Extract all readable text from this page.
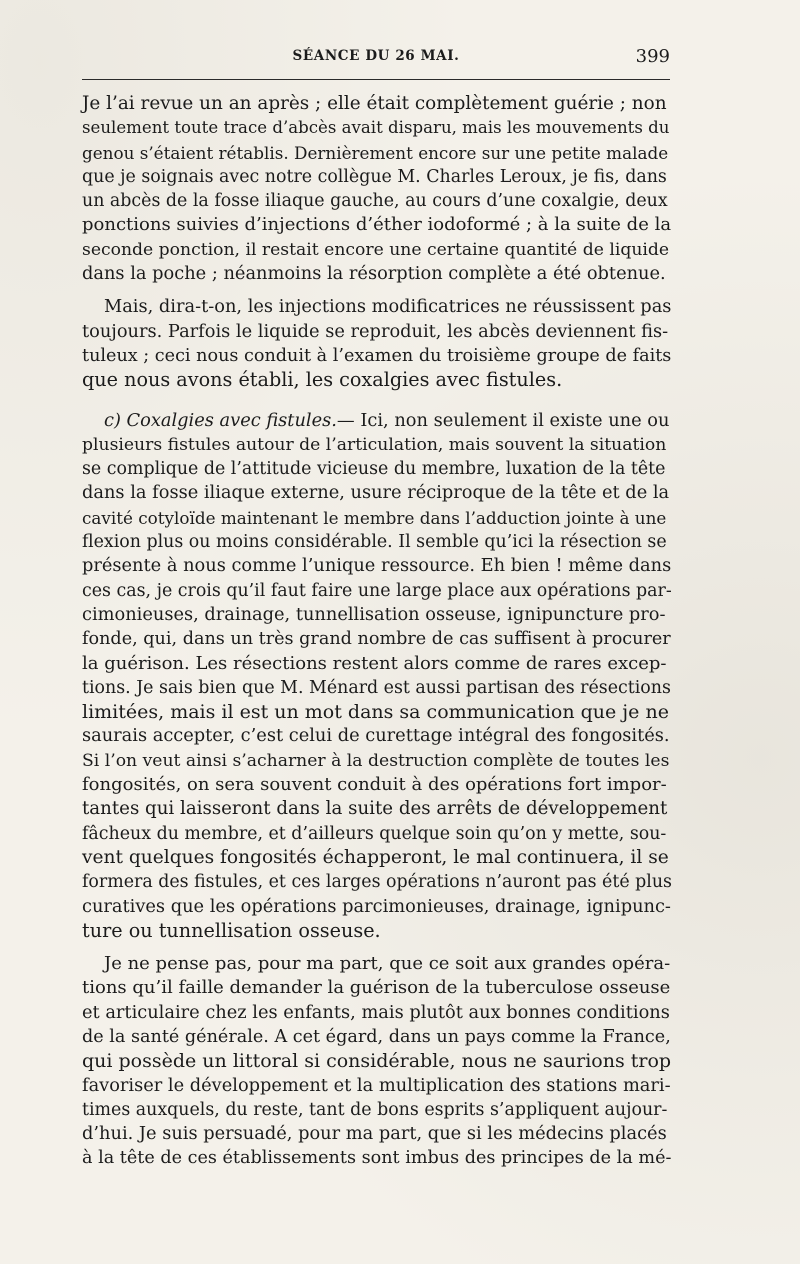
SÉANCE DU 26 MAI.	399
Je l’ai revue un an après ; elle était complètement guérie ; non
seulement toute trace d’abcès avait disparu, mais les mouvements du
genou s’étaient rétablis. Dernièrement encore sur une petite malade
que je soignais avec notre collègue M. Charles Leroux, je fis, dans
un abcès de la fosse iliaque gauche, au cours d’une coxalgie, deux
ponctions suivies d’injections d’éther iodoformé ; à la suite de la
seconde ponction, il restait encore une certaine quantité de liquide
dans la poche ; néanmoins la résorption complète a été obtenue.
Mais, dira-t-on, les injections modificatrices ne réussissent pas
toujours. Parfois le liquide se reproduit, les abcès deviennent fis-
tuleux ; ceci nous conduit à l’examen du troisième groupe de faits
que nous avons établi, les coxalgies avec fistules.
c) Coxalgies avec fistules.— Ici, non seulement il existe une ou
plusieurs fistules autour de l’articulation, mais souvent la situation
se complique de l’attitude vicieuse du membre, luxation de la tête
dans la fosse iliaque externe, usure réciproque de la tête et de la
cavité cotyloïde maintenant le membre dans l’adduction jointe à une
flexion plus ou moins considérable. Il semble qu’ici la résection se
présente à nous comme l’unique ressource. Eh bien ! même dans
ces cas, je crois qu’il faut faire une large place aux opérations par-
cimonieuses, drainage, tunnellisation osseuse, ignipuncture pro-
fonde, qui, dans un très grand nombre de cas suffisent à procurer
la guérison. Les résections restent alors comme de rares excep-
tions. Je sais bien que M. Ménard est aussi partisan des résections
limitées, mais il est un mot dans sa communication que je ne
saurais accepter, c’est celui de curettage intégral des fongosités.
Si l’on veut ainsi s’acharner à la destruction complète de toutes les
fongosités, on sera souvent conduit à des opérations fort impor-
tantes qui laisseront dans la suite des arrêts de développement
fâcheux du membre, et d’ailleurs quelque soin qu’on y mette, sou-
vent quelques fongosités échapperont, le mal continuera, il se
formera des fistules, et ces larges opérations n’auront pas été plus
curatives que les opérations parcimonieuses, drainage, ignipunc-
ture ou tunnellisation osseuse.
Je ne pense pas, pour ma part, que ce soit aux grandes opéra-
tions qu’il faille demander la guérison de la tuberculose osseuse
et articulaire chez les enfants, mais plutôt aux bonnes conditions
de la santé générale. A cet égard, dans un pays comme la France,
qui possède un littoral si considérable, nous ne saurions trop
favoriser le développement et la multiplication des stations mari-
times auxquels, du reste, tant de bons esprits s’appliquent aujour-
d’hui. Je suis persuadé, pour ma part, que si les médecins placés
à la tête de ces établissements sont imbus des principes de la mé-
